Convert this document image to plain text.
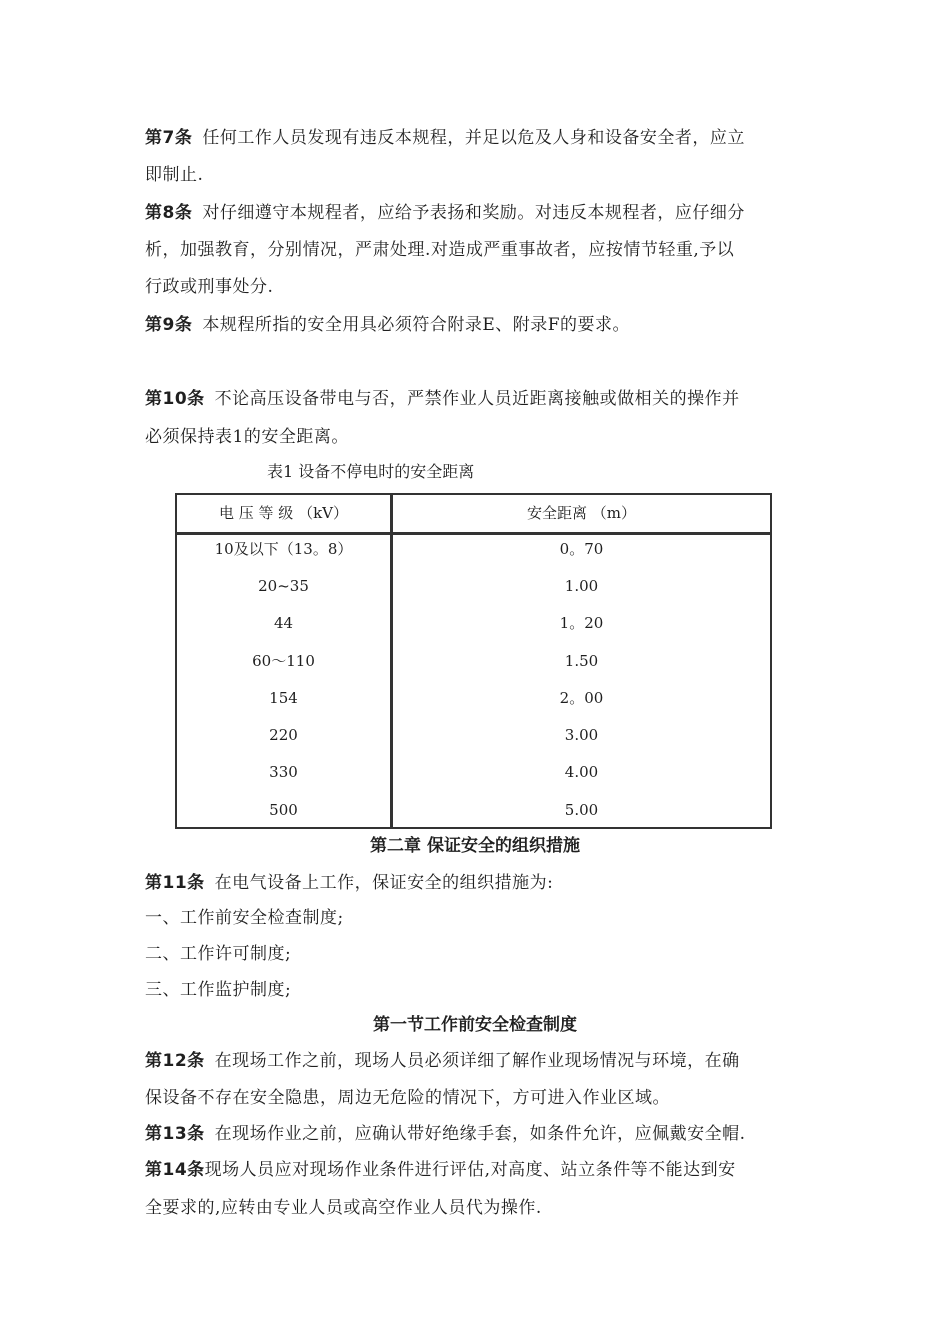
第7条 任何工作人员发现有违反本规程，并足以危及人身和设备安全者，应立
即制止.
第8条 对仔细遵守本规程者，应给予表扬和奖励。对违反本规程者，应仔细分
析，加强教育，分别情况，严肃处理.对造成严重事故者，应按情节轻重,予以
行政或刑事处分.
第9条 本规程所指的安全用具必须符合附录E、附录F的要求。
第10条 不论高压设备带电与否，严禁作业人员近距离接触或做相关的操作并
必须保持表1的安全距离。
表1 设备不停电时的安全距离
电 压 等 级 （kV）	安全距离 （m）
10及以下（13。8）	0。70
20~35	1.00
44	1。20
60～110	1.50
154	2。00
220	3.00
330	4.00
500	5.00
第二章 保证安全的组织措施
第11条 在电气设备上工作，保证安全的组织措施为:
一、工作前安全检查制度;
二、工作许可制度;
三、工作监护制度;
第一节工作前安全检查制度
第12条 在现场工作之前，现场人员必须详细了解作业现场情况与环境，在确
保设备不存在安全隐患，周边无危险的情况下，方可进入作业区域。
第13条 在现场作业之前，应确认带好绝缘手套，如条件允许，应佩戴安全帽.
第14条现场人员应对现场作业条件进行评估,对高度、站立条件等不能达到安
全要求的,应转由专业人员或高空作业人员代为操作.
